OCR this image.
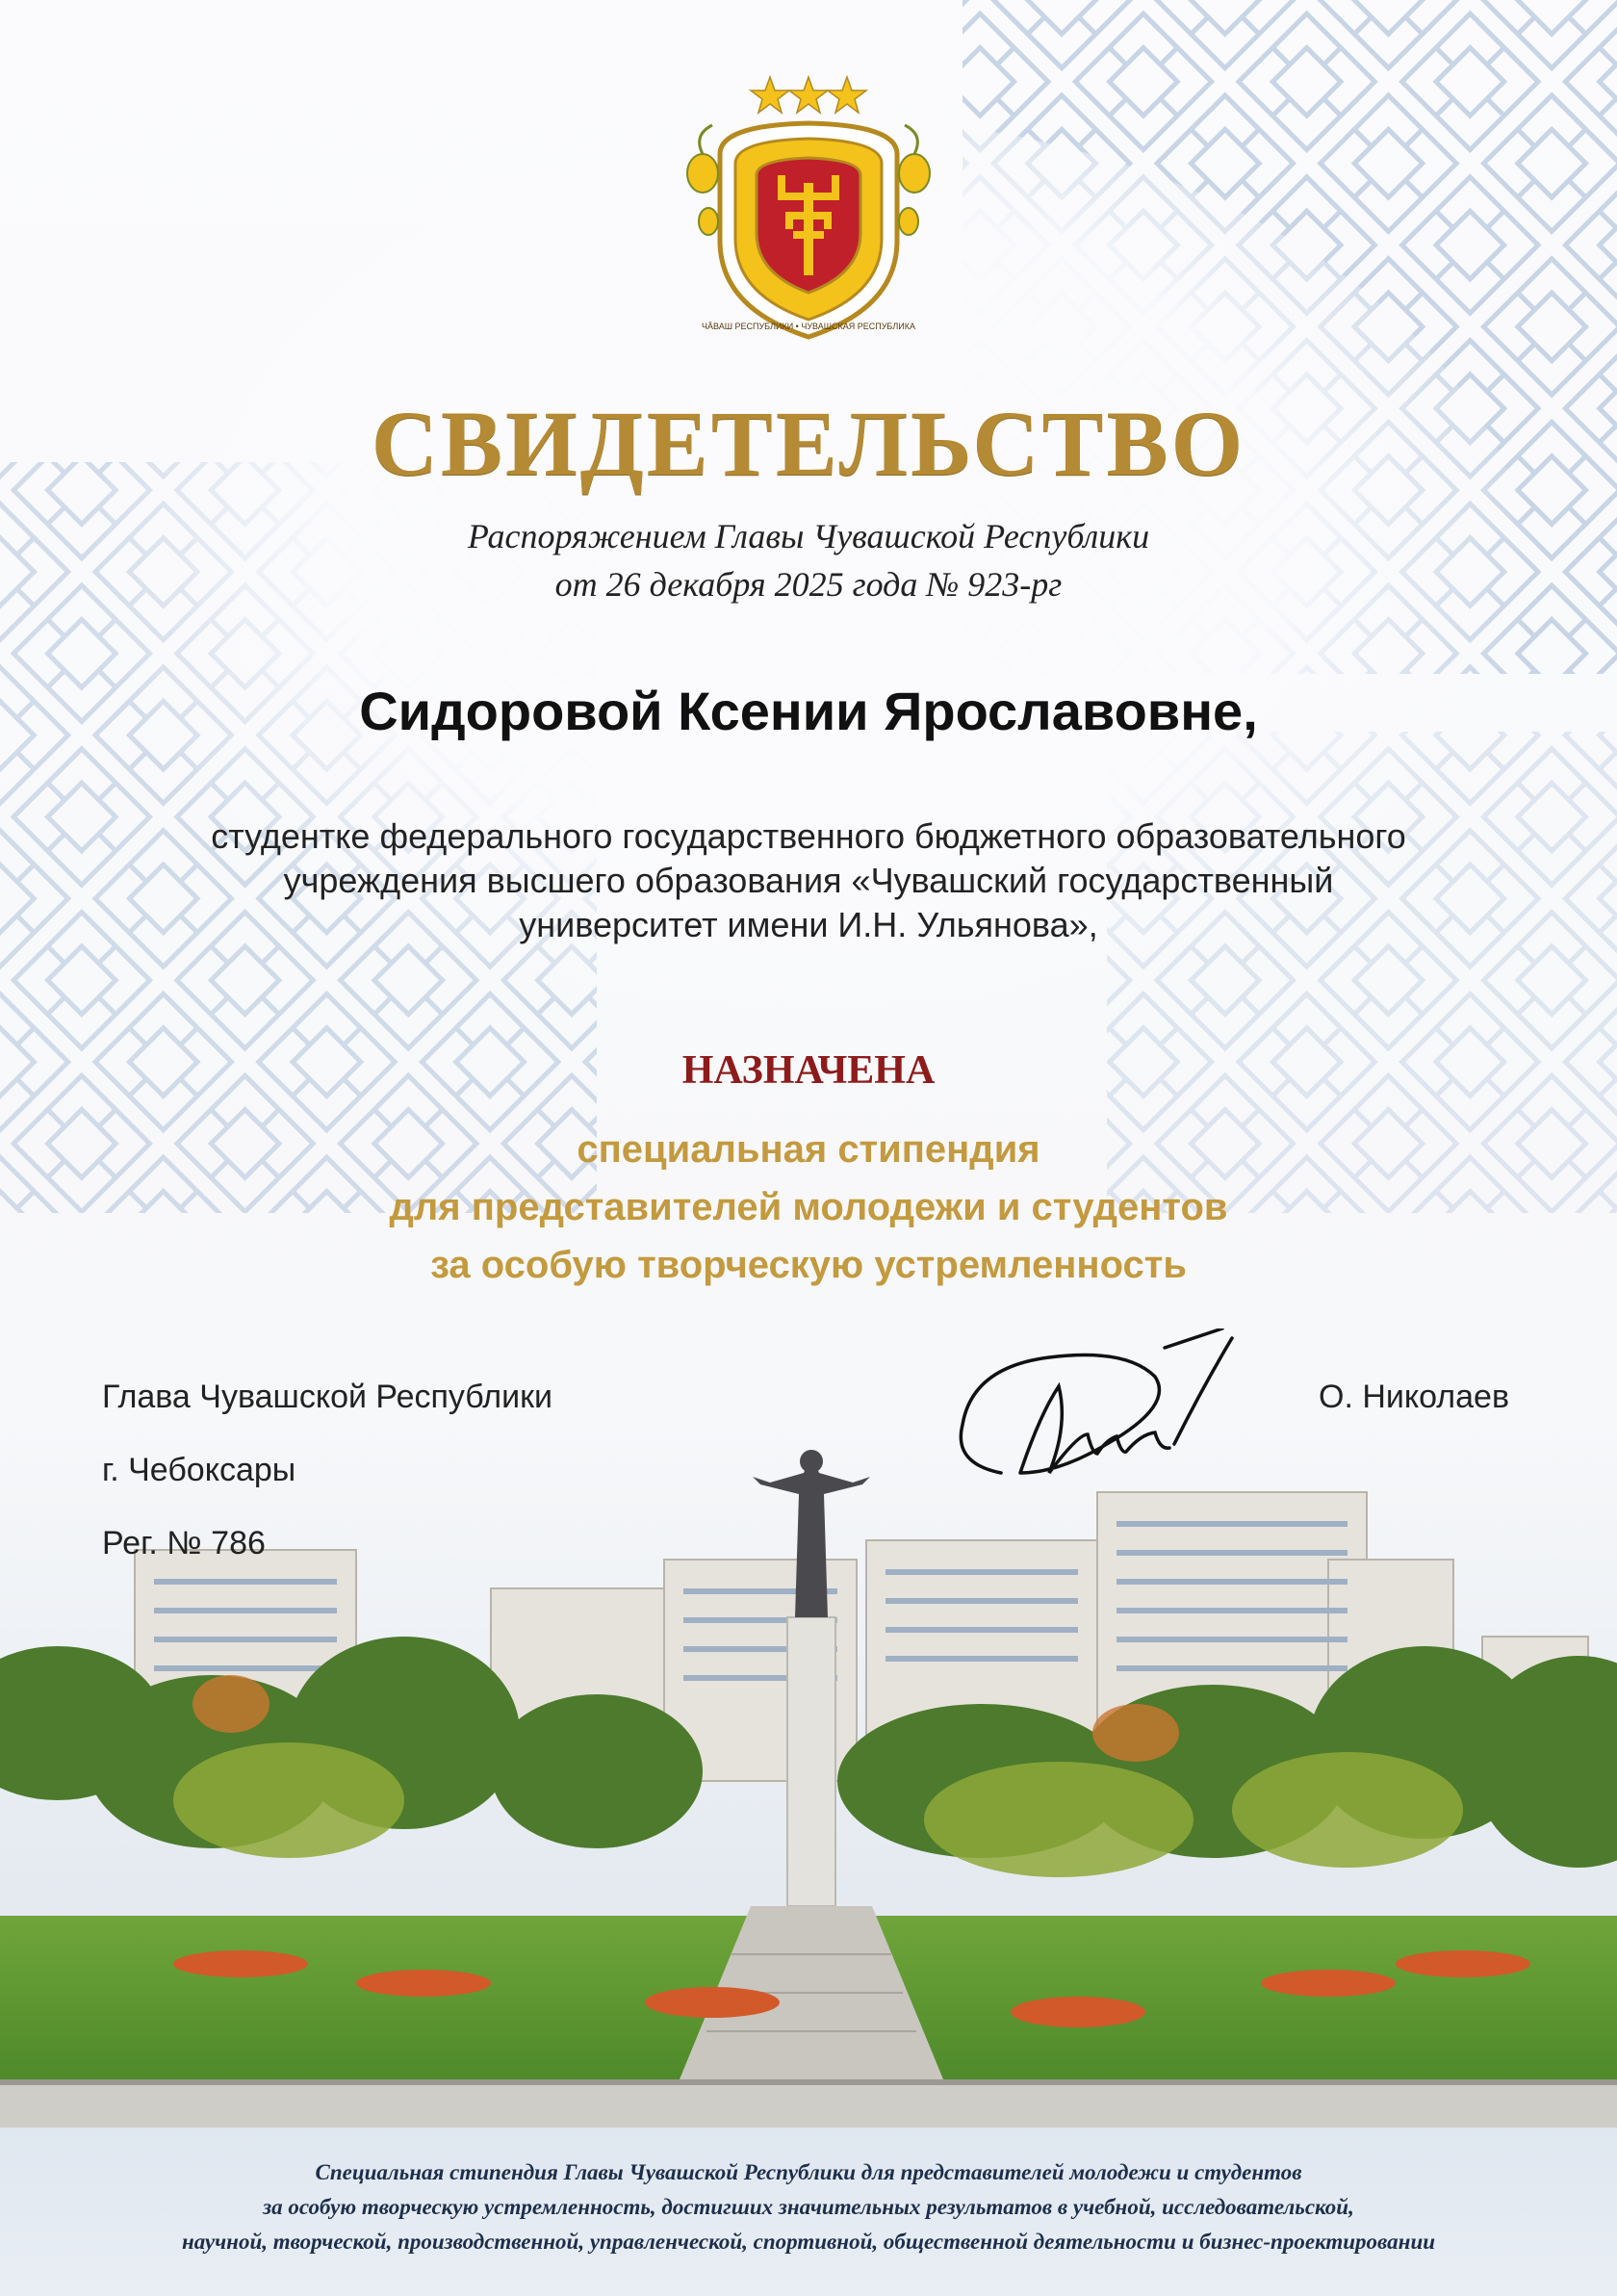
ЧĂВАШ РЕСПУБЛИКИ • ЧУВАШСКАЯ РЕСПУБЛИКА
СВИДЕТЕЛЬСТВО
Распоряжением Главы Чувашской Республики
от 26 декабря 2025 года № 923-рг
Сидоровой Ксении Ярославовне,
студентке федерального государственного бюджетного образовательного
учреждения высшего образования «Чувашский государственный
университет имени И.Н. Ульянова»,
НАЗНАЧЕНА
специальная стипендия
для представителей молодежи и студентов
за особую творческую устремленность
Глава Чувашской Республики
г. Чебоксары
Рег. № 786
О. Николаев
Специальная стипендия Главы Чувашской Республики для представителей молодежи и студентов
за особую творческую устремленность, достигших значительных результатов в учебной, исследовательской,
научной, творческой, производственной, управленческой, спортивной, общественной деятельности и бизнес-проектировании
